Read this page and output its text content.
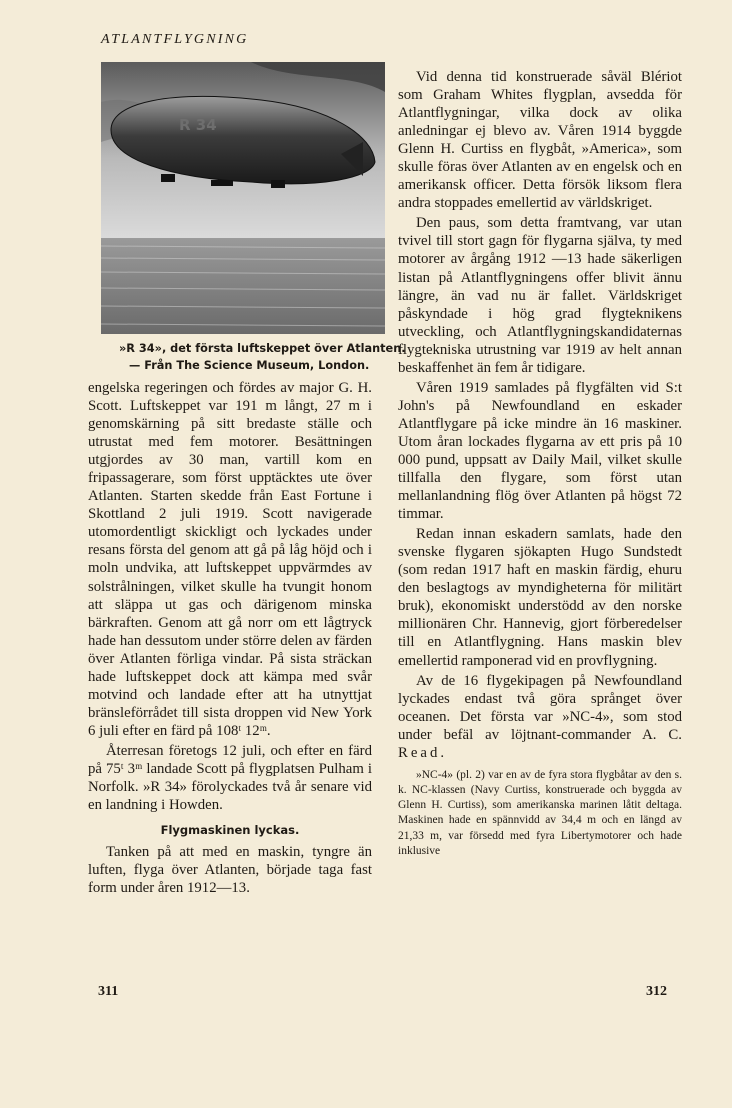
ATLANTFLYGNING
R 34
»R 34», det första luftskeppet över Atlanten.
— Från The Science Museum, London.

engelska regeringen och fördes av major G. H. Scott. Luftskeppet var 191 m långt, 27 m i genomskärning på sitt bredaste ställe och utrustat med fem motorer. Besättningen utgjordes av 30 man, vartill kom en fripassagerare, som först upptäcktes ute över Atlanten. Starten skedde från East Fortune i Skottland 2 juli 1919. Scott navigerade utomordentligt skickligt och lyckades under resans första del genom att gå på låg höjd och i moln undvika, att luftskeppet uppvärmdes av solstrålningen, vilket skulle ha tvungit honom att släppa ut gas och därigenom minska bärkraften. Genom att gå norr om ett lågtryck hade han dessutom under större delen av färden över Atlanten förliga vindar. På sista sträckan hade luftskeppet dock att kämpa med svår motvind och landade efter att ha utnyttjat bränsleförrådet till sista droppen vid New York 6 juli efter en färd på 108ᵗ 12ᵐ.

Återresan företogs 12 juli, och efter en färd på 75ᵗ 3ᵐ landade Scott på flygplatsen Pulham i Norfolk. »R 34» förolyckades två år senare vid en landning i Howden.

Flygmaskinen lyckas.

Tanken på att med en maskin, tyngre än luften, flyga över Atlanten, började taga fast form under åren 1912—13.

Vid denna tid konstruerade såväl Blériot som Graham Whites flygplan, avsedda för Atlantflygningar, vilka dock av olika anledningar ej blevo av. Våren 1914 byggde Glenn H. Curtiss en flygbåt, »America», som skulle föras över Atlanten av en engelsk och en amerikansk officer. Detta försök liksom flera andra stoppades emellertid av världskriget.

Den paus, som detta framtvang, var utan tvivel till stort gagn för flygarna själva, ty med motorer av årgång 1912 —13 hade säkerligen listan på Atlantflygningens offer blivit ännu längre, än vad nu är fallet. Världskriget påskyndade i hög grad flygteknikens utveckling, och Atlantflygningskandidaternas flygtekniska utrustning var 1919 av helt annan beskaffenhet än fem år tidigare.

Våren 1919 samlades på flygfälten vid S:t John's på Newfoundland en eskader Atlantflygare på icke mindre än 16 maskiner. Utom åran lockades flygarna av ett pris på 10 000 pund, uppsatt av Daily Mail, vilket skulle tillfalla den flygare, som först utan mellanlandning flög över Atlanten på högst 72 timmar.

Redan innan eskadern samlats, hade den svenske flygaren sjökapten Hugo Sundstedt (som redan 1917 haft en maskin färdig, ehuru den beslagtogs av myndigheterna för militärt bruk), ekonomiskt understödd av den norske millionären Chr. Hannevig, gjort förberedelser till en Atlantflygning. Hans maskin blev emellertid ramponerad vid en provflygning.

Av de 16 flygekipagen på Newfoundland lyckades endast två göra språnget över oceanen. Det första var »NC-4», som stod under befäl av löjtnant-commander A. C. Read.

»NC-4» (pl. 2) var en av de fyra stora flygbåtar av den s. k. NC-klassen (Navy Curtiss, konstruerade och byggda av Glenn H. Curtiss), som amerikanska marinen låtit deltaga. Maskinen hade en spännvidd av 34,4 m och en längd av 21,33 m, var försedd med fyra Libertymotorer och hade inklusive
311	312
